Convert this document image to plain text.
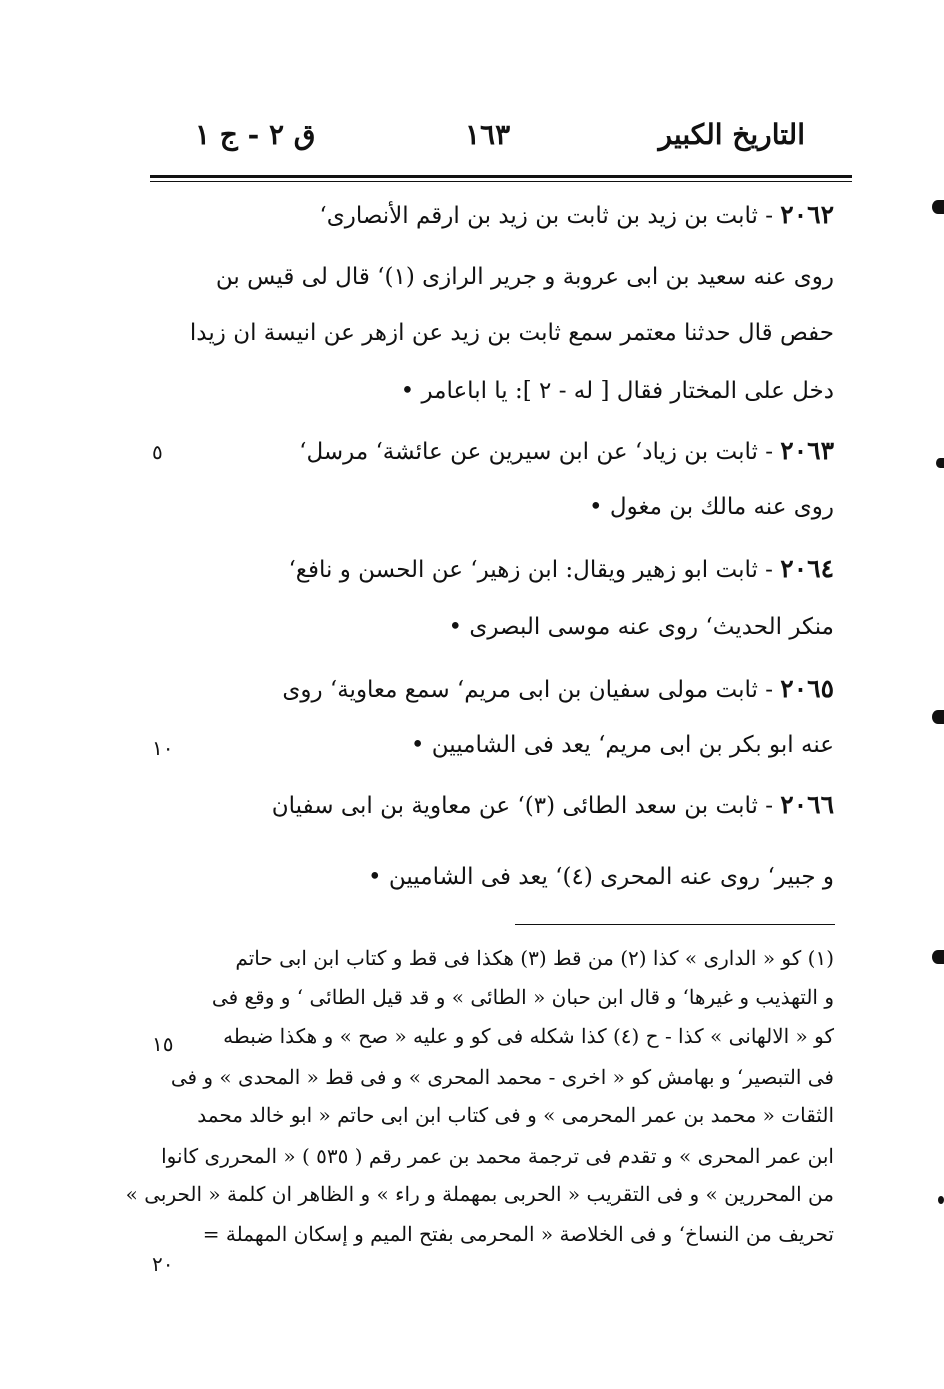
التاريخ الكبير
١٦٣
ق ٢ - ج ١
٢٠٦٢ - ثابت بن زيد بن ثابت بن زيد بن ارقم الأنصارى‘
روى عنه سعيد بن ابى عروبة و جرير الرازى (١)‘ قال لى قيس بن
حفص قال حدثنا معتمر سمع ثابت بن زيد عن ازهر عن انيسة ان زيدا
دخل على المختار فقال [ له - ٢ ]: يا اباعامر •
٢٠٦٣ - ثابت بن زياد‘ عن ابن سيرين عن عائشة‘ مرسل‘
روى عنه مالك بن مغول •
٥
٢٠٦٤ - ثابت ابو زهير ويقال: ابن زهير‘ عن الحسن و نافع‘
منكر الحديث‘ روى عنه موسى البصرى •
٢٠٦٥ - ثابت مولى سفيان بن ابى مريم‘ سمع معاوية‘ روى
عنه ابو بكر بن ابى مريم‘ يعد فى الشاميين •
١٠
٢٠٦٦ - ثابت بن سعد الطائى (٣)‘ عن معاوية بن ابى سفيان
و جبير‘ روى عنه المحرى (٤)‘ يعد فى الشاميين •
(١) كو « الدارى » كذا (٢) من قط (٣) هكذا فى قط و كتاب ابن ابى حاتم
و التهذيب و غيرها‘ و قال ابن حبان « الطائى » و قد قيل الطائى ‘ و وقع فى
كو « الالهانى » كذا - ح (٤) كذا شكله فى كو و عليه « صح » و هكذا ضبطه
فى التبصير‘ و بهامش كو « اخرى - محمد المحرى » و فى قط « المحدى » و فى
الثقات « محمد بن عمر المحرمى » و فى كتاب ابن ابى حاتم « ابو خالد محمد
ابن عمر المحرى » و تقدم فى ترجمة محمد بن عمر رقم ( ٥٣٥ ) « المحررى كانوا
من المحررين » و فى التقريب « الحربى بمهملة و راء » و الظاهر ان كلمة « الحربى »
تحريف من النساخ‘ و فى الخلاصة « المحرمى بفتح الميم و إسكان المهملة =
١٥
٢٠
